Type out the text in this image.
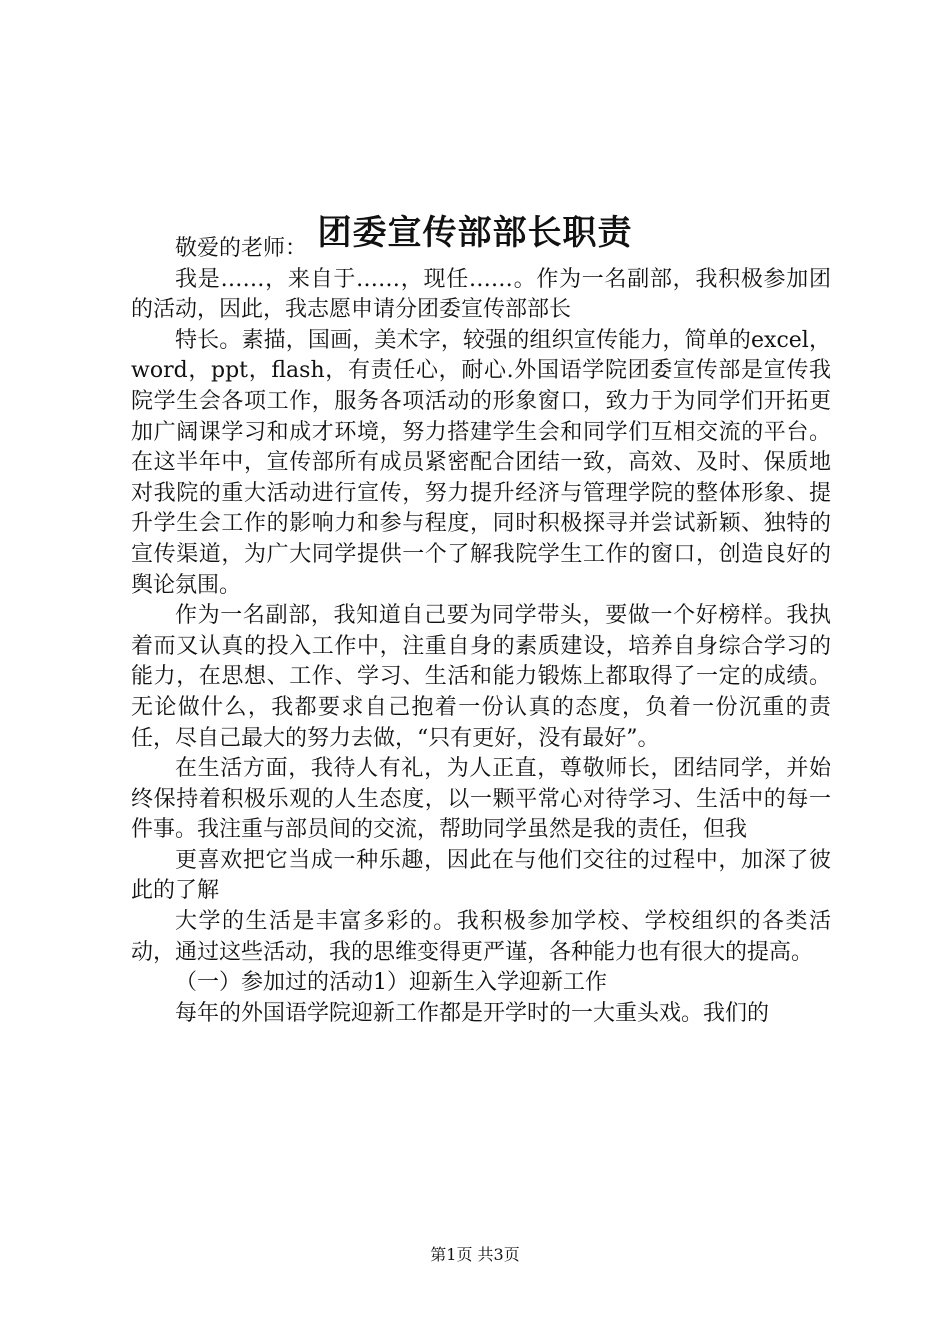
团委宣传部部长职责

敬爱的老师：

我是……，来自于……，现任……。作为一名副部，我积极参加团的活动，因此，我志愿申请分团委宣传部部长

特长。素描，国画，美术字，较强的组织宣传能力，简单的excel，word，ppt，flash，有责任心，耐心.外国语学院团委宣传部是宣传我院学生会各项工作，服务各项活动的形象窗口，致力于为同学们开拓更加广阔课学习和成才环境，努力搭建学生会和同学们互相交流的平台。在这半年中，宣传部所有成员紧密配合团结一致，高效、及时、保质地对我院的重大活动进行宣传，努力提升经济与管理学院的整体形象、提升学生会工作的影响力和参与程度，同时积极探寻并尝试新颖、独特的宣传渠道，为广大同学提供一个了解我院学生工作的窗口，创造良好的舆论氛围。

作为一名副部，我知道自己要为同学带头，要做一个好榜样。我执着而又认真的投入工作中，注重自身的素质建设，培养自身综合学习的能力，在思想、工作、学习、生活和能力锻炼上都取得了一定的成绩。无论做什么，我都要求自己抱着一份认真的态度，负着一份沉重的责任，尽自己最大的努力去做，“只有更好，没有最好”。

在生活方面，我待人有礼，为人正直，尊敬师长，团结同学，并始终保持着积极乐观的人生态度，以一颗平常心对待学习、生活中的每一件事。我注重与部员间的交流，帮助同学虽然是我的责任，但我

更喜欢把它当成一种乐趣，因此在与他们交往的过程中，加深了彼此的了解

大学的生活是丰富多彩的。我积极参加学校、学校组织的各类活动，通过这些活动，我的思维变得更严谨，各种能力也有很大的提高。

（一）参加过的活动1）迎新生入学迎新工作

每年的外国语学院迎新工作都是开学时的一大重头戏。我们的

第1页 共3页
